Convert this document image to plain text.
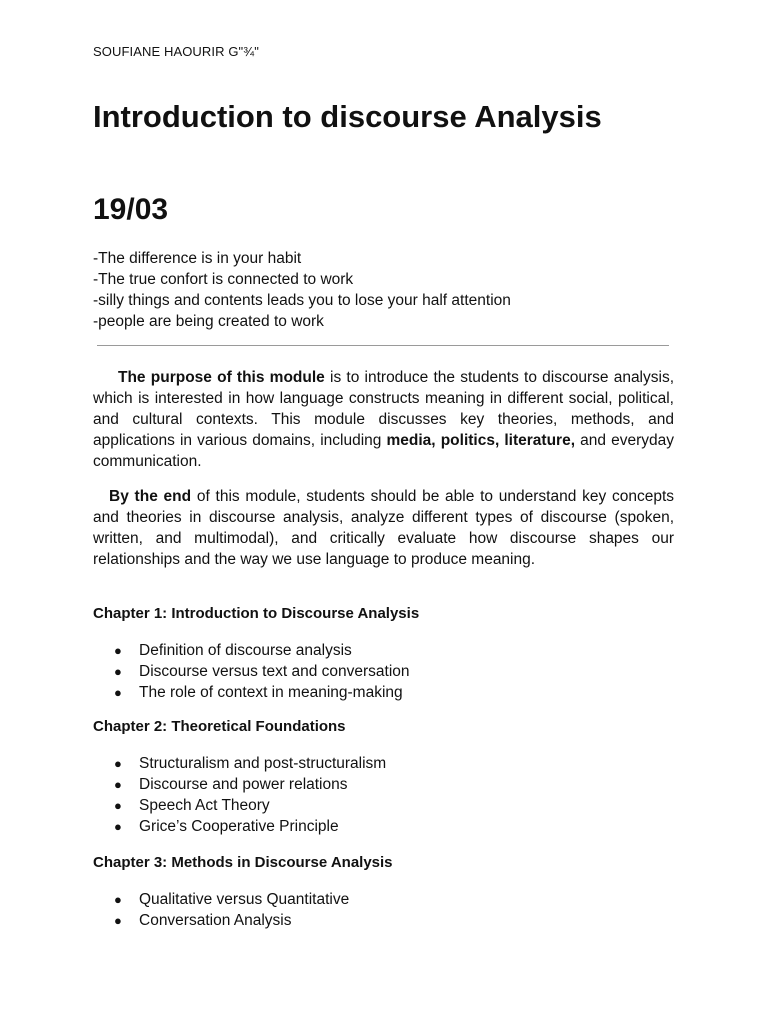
SOUFIANE HAOURIR G"¾"
Introduction to discourse Analysis
19/03
-The difference is in your habit
-The true confort is connected to work
-silly things and contents leads you to lose your half attention
-people are being created to work

The purpose of this module is to introduce the students to discourse analysis, which is interested in how language constructs meaning in different social, political, and cultural contexts. This module discusses key theories, methods, and applications in various domains, including media, politics, literature, and everyday communication.

By the end of this module, students should be able to understand key concepts and theories in discourse analysis, analyze different types of discourse (spoken, written, and multimodal), and critically evaluate how discourse shapes our relationships and the way we use language to produce meaning.

Chapter 1: Introduction to Discourse Analysis
● Definition of discourse analysis
● Discourse versus text and conversation
● The role of context in meaning-making
Chapter 2: Theoretical Foundations
● Structuralism and post-structuralism
● Discourse and power relations
● Speech Act Theory
● Grice’s Cooperative Principle
Chapter 3: Methods in Discourse Analysis
● Qualitative versus Quantitative
● Conversation Analysis
